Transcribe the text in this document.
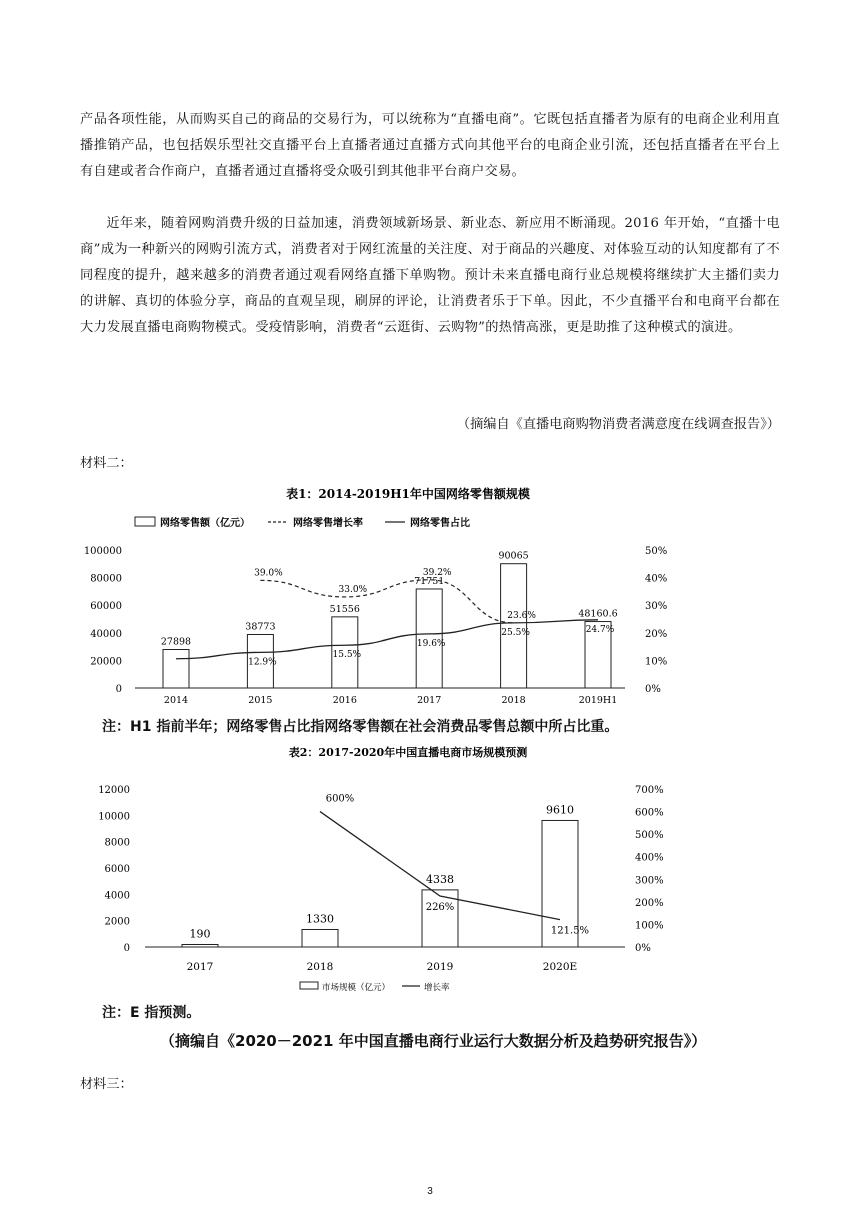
产品各项性能，从而购买自己的商品的交易行为，可以统称为“直播电商”。它既包括直播者为原有的电商企业利用直播推销产品，也包括娱乐型社交直播平台上直播者通过直播方式向其他平台的电商企业引流，还包括直播者在平台上有自建或者合作商户，直播者通过直播将受众吸引到其他非平台商户交易。
近年来，随着网购消费升级的日益加速，消费领域新场景、新业态、新应用不断涌现。2016 年开始，“直播十电商”成为一种新兴的网购引流方式，消费者对于网红流量的关注度、对于商品的兴趣度、对体验互动的认知度都有了不同程度的提升，越来越多的消费者通过观看网络直播下单购物。预计未来直播电商行业总规模将继续扩大主播们卖力的讲解、真切的体验分享，商品的直观呈现，刷屏的评论，让消费者乐于下单。因此，不少直播平台和电商平台都在大力发展直播电商购物模式。受疫情影响，消费者“云逛街、云购物”的热情高涨，更是助推了这种模式的演进。
（摘编自《直播电商购物消费者满意度在线调查报告》）
材料二：
表1：2014-2019H1年中国网络零售额规模
网络零售额（亿元）	网络零售增长率	网络零售占比
0
20000
40000
60000
80000
100000
0%
10%
20%
30%
40%
50%
27898
38773
51556
71751
90065
48160.6
2014	2015	2016	2017	2018	2019H1
12.9%
15.5%
19.6%
25.5%	24.7%
39.0%
33.0%
39.2%
23.6%
注：H1 指前半年；网络零售占比指网络零售额在社会消费品零售总额中所占比重。
表2：2017-2020年中国直播电商市场规模预测
0
2000
4000
6000
8000
10000
12000
0%
100%
200%
300%
400%
500%
600%
700%
190
1330
4338
9610
2017	2018	2019	2020E
600%
226%
121.5%
市场规模（亿元）	增长率
注：E 指预测。
（摘编自《2020－2021 年中国直播电商行业运行大数据分析及趋势研究报告》）
材料三：
3
